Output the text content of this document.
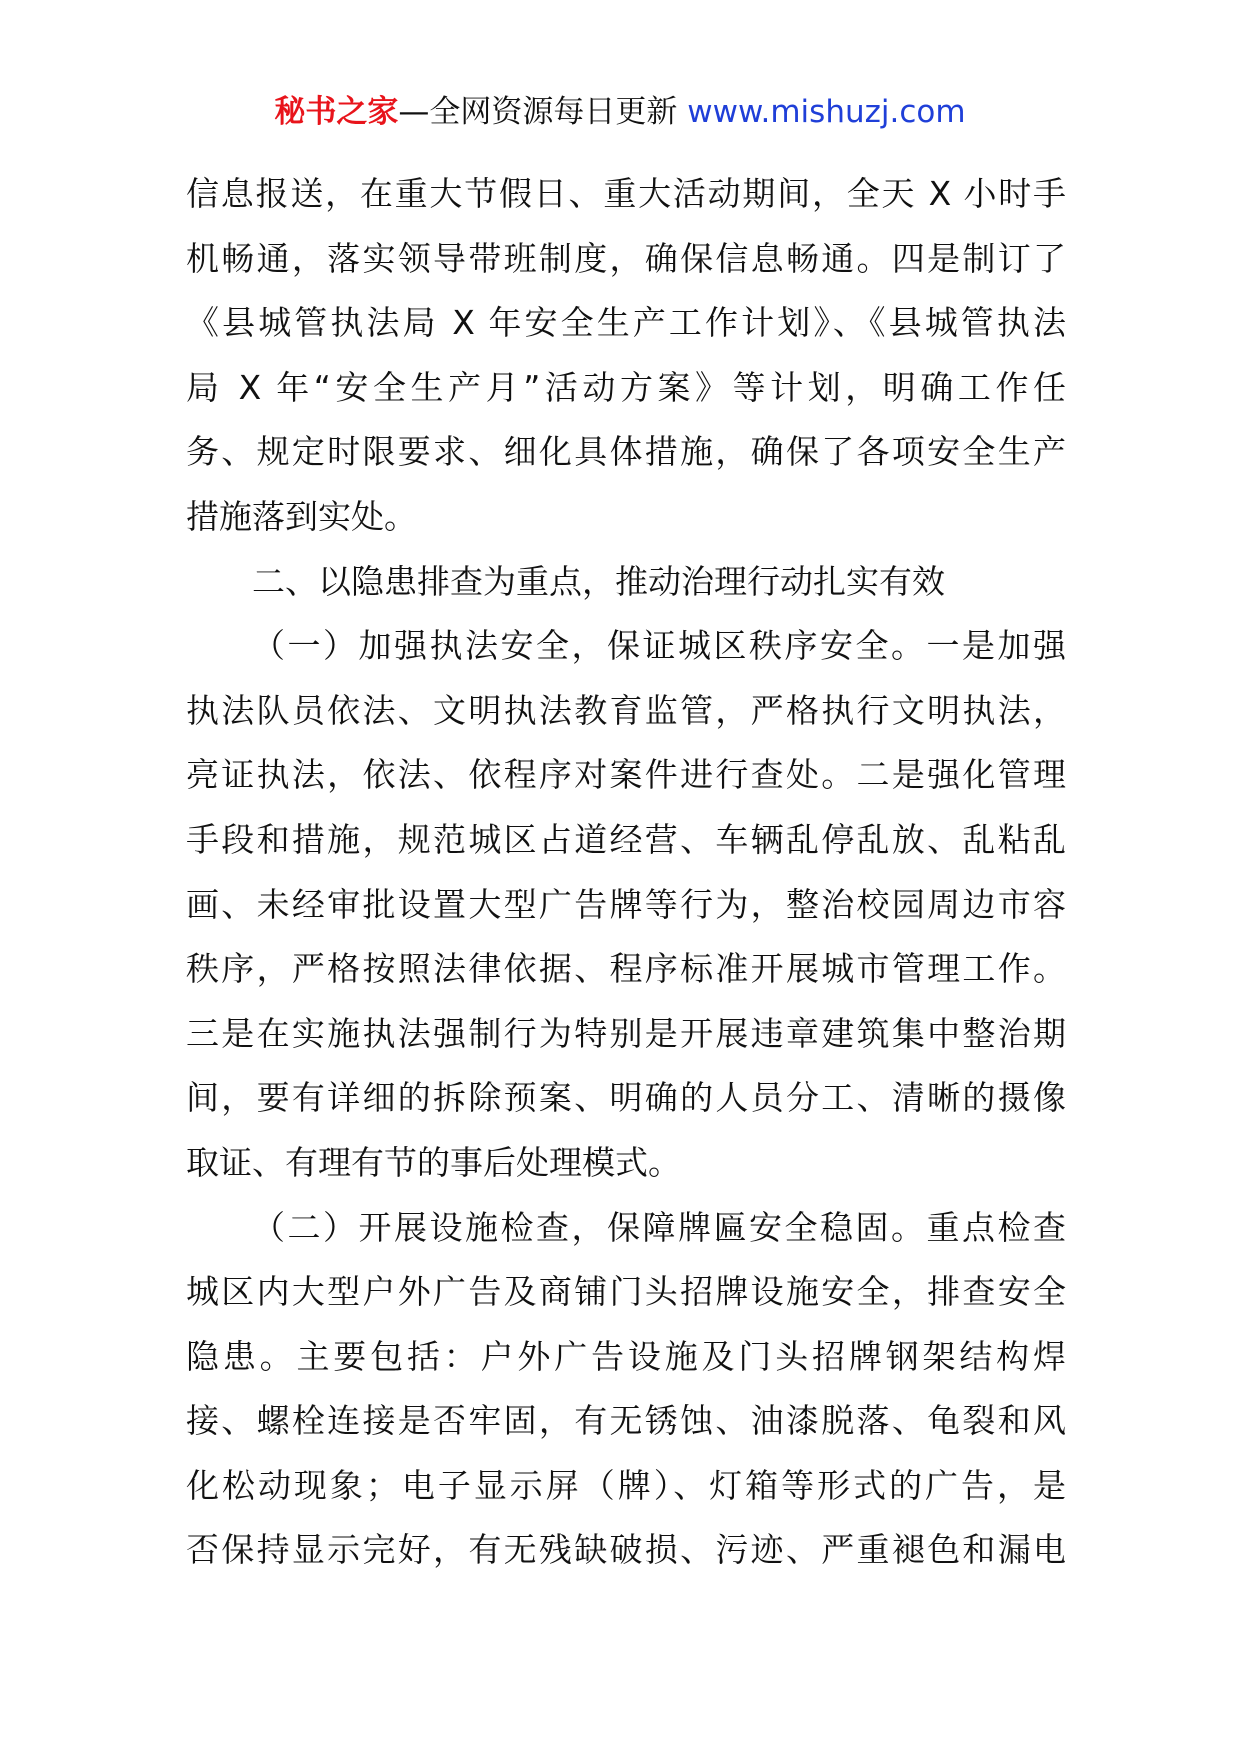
秘书之家—全网资源每日更新 www.mishuzj.com
信息报送，在重大节假日、重大活动期间，全天 X 小时手
机畅通，落实领导带班制度，确保信息畅通。四是制订了
《县城管执法局 X 年安全生产工作计划》、《县城管执法
局 X 年“安全生产月”活动方案》等计划，明确工作任
务、规定时限要求、细化具体措施，确保了各项安全生产
措施落到实处。
二、以隐患排查为重点，推动治理行动扎实有效
（一）加强执法安全，保证城区秩序安全。一是加强
执法队员依法、文明执法教育监管，严格执行文明执法，
亮证执法，依法、依程序对案件进行查处。二是强化管理
手段和措施，规范城区占道经营、车辆乱停乱放、乱粘乱
画、未经审批设置大型广告牌等行为，整治校园周边市容
秩序，严格按照法律依据、程序标准开展城市管理工作。
三是在实施执法强制行为特别是开展违章建筑集中整治期
间，要有详细的拆除预案、明确的人员分工、清晰的摄像
取证、有理有节的事后处理模式。
（二）开展设施检查，保障牌匾安全稳固。重点检查
城区内大型户外广告及商铺门头招牌设施安全，排查安全
隐患。主要包括：户外广告设施及门头招牌钢架结构焊
接、螺栓连接是否牢固，有无锈蚀、油漆脱落、龟裂和风
化松动现象；电子显示屏（牌）、灯箱等形式的广告，是
否保持显示完好，有无残缺破损、污迹、严重褪色和漏电
